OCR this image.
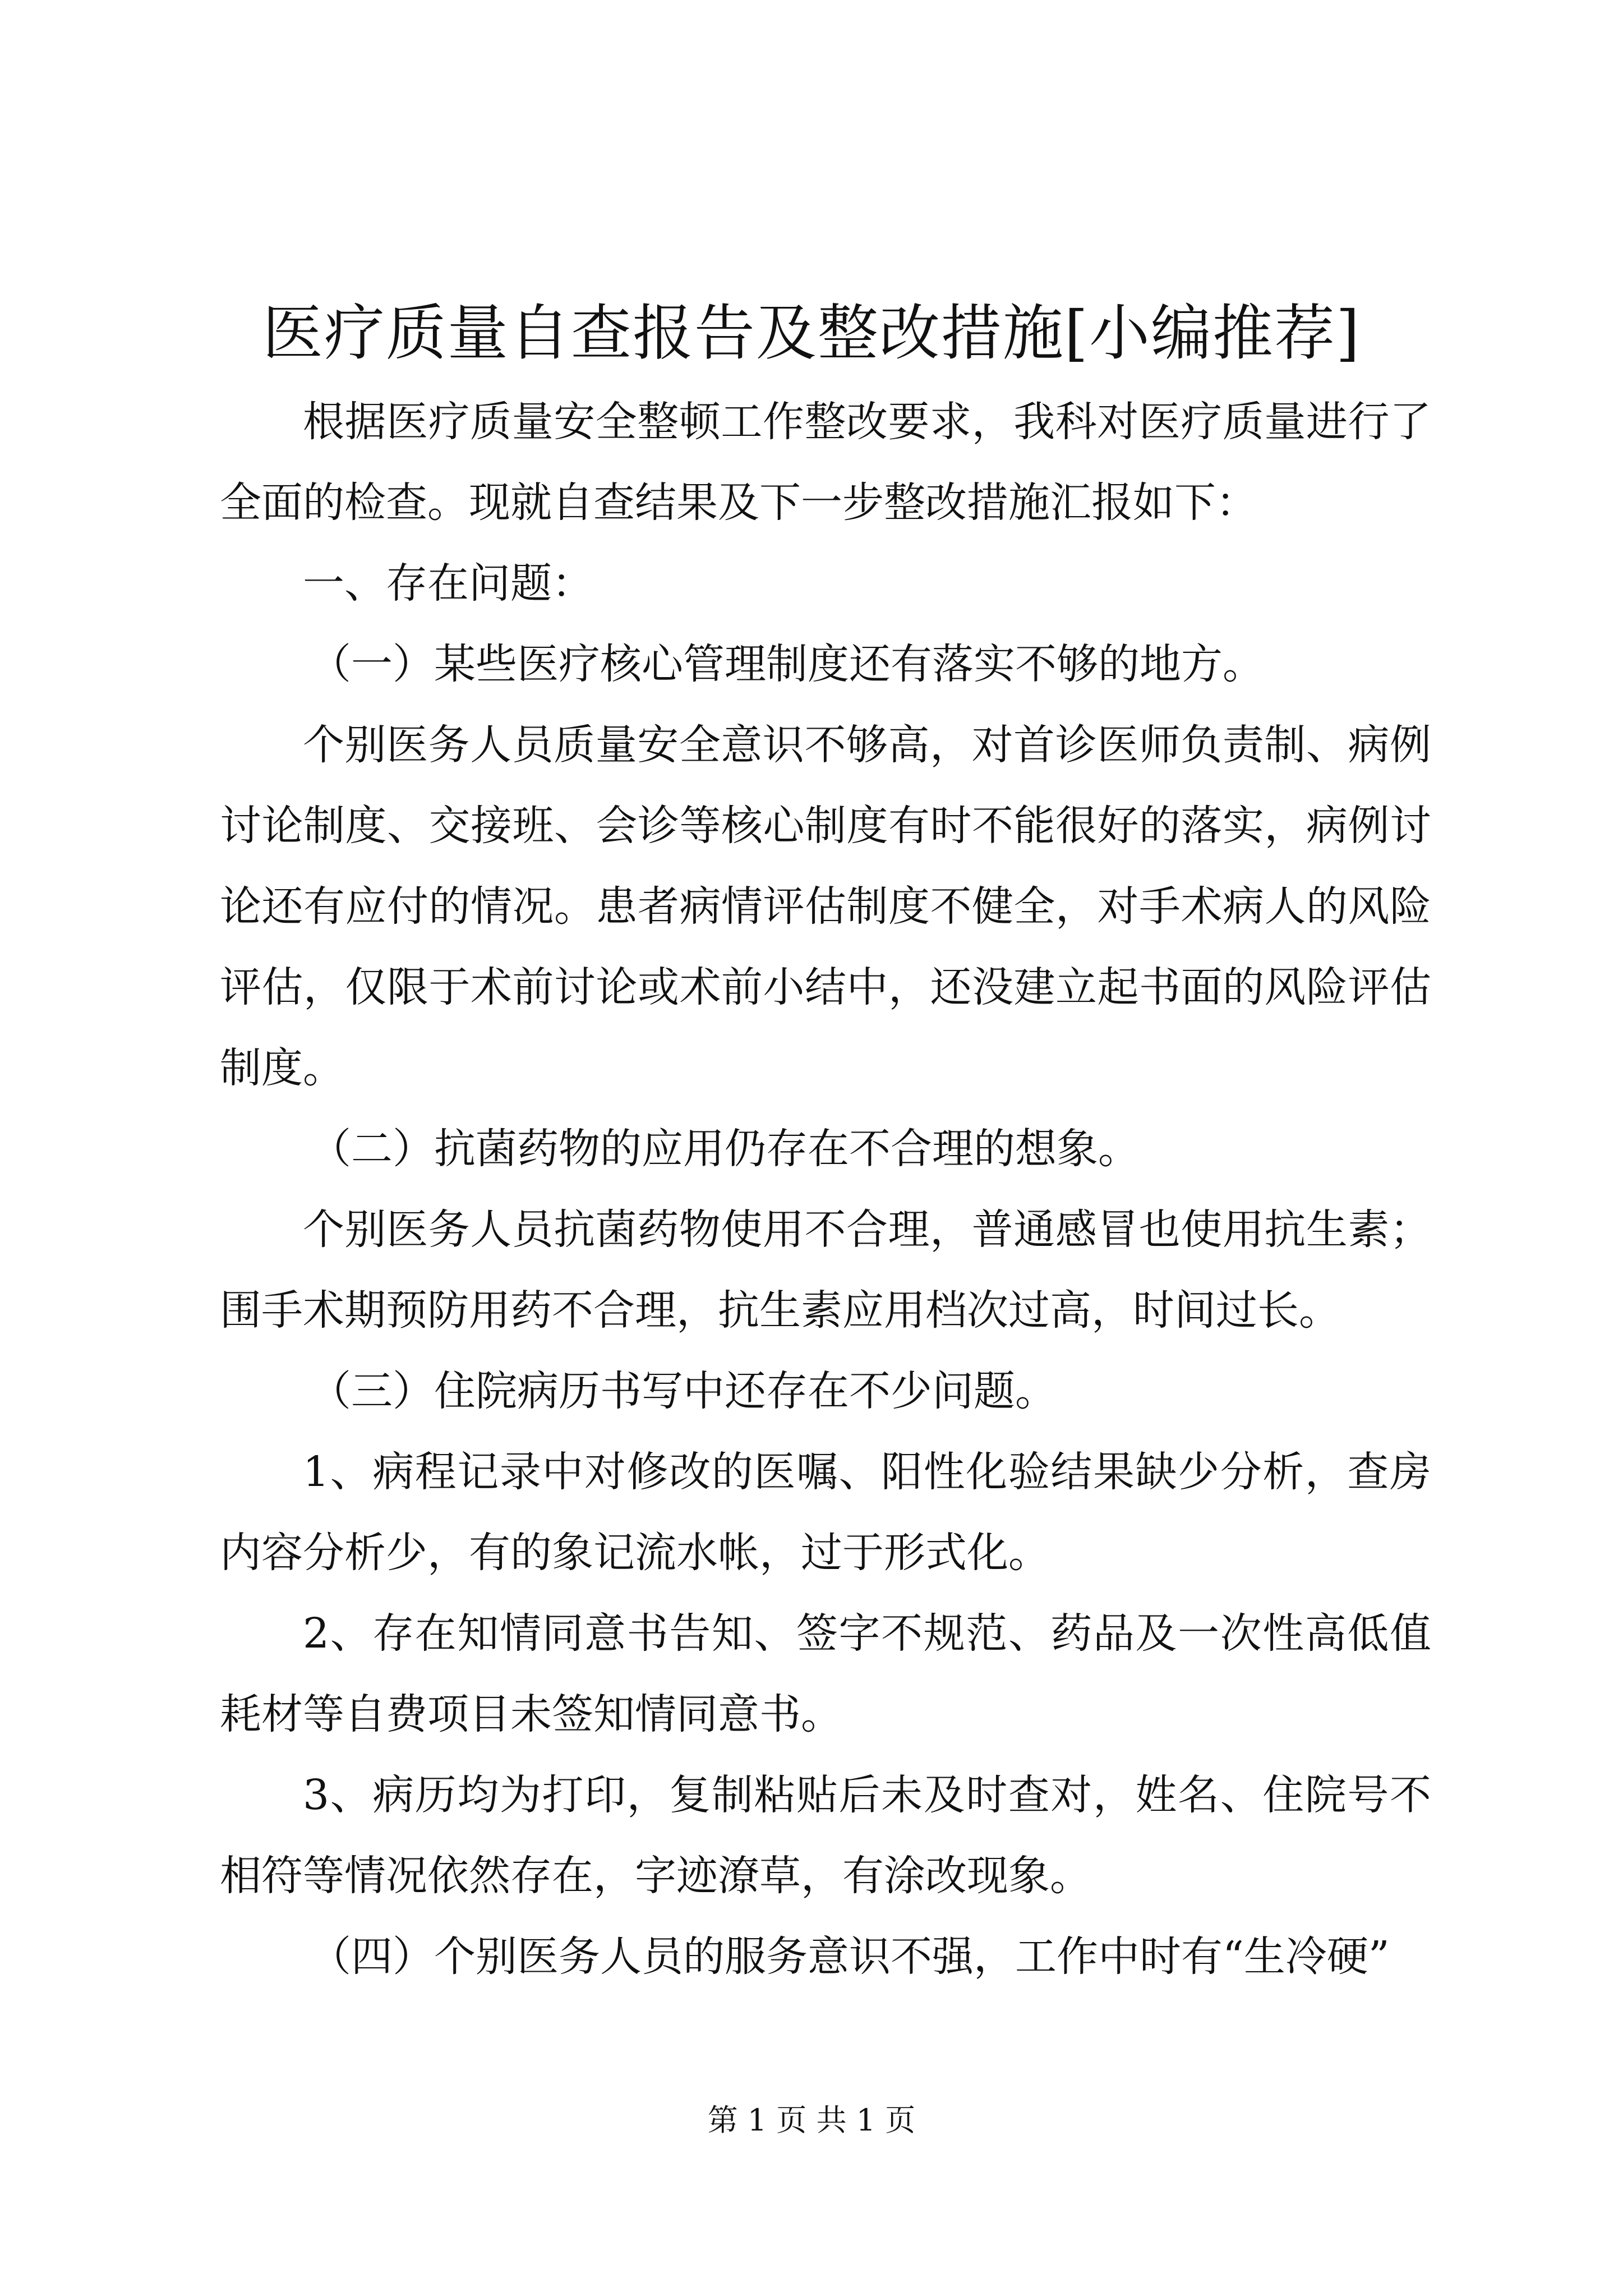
医疗质量自查报告及整改措施[小编推荐]

根据医疗质量安全整顿工作整改要求，我科对医疗质量进行了全面的检查。现就自查结果及下一步整改措施汇报如下：

一、存在问题：

（一）某些医疗核心管理制度还有落实不够的地方。

个别医务人员质量安全意识不够高，对首诊医师负责制、病例讨论制度、交接班、会诊等核心制度有时不能很好的落实，病例讨论还有应付的情况。患者病情评估制度不健全，对手术病人的风险评估，仅限于术前讨论或术前小结中，还没建立起书面的风险评估制度。

（二）抗菌药物的应用仍存在不合理的想象。

个别医务人员抗菌药物使用不合理，普通感冒也使用抗生素；围手术期预防用药不合理，抗生素应用档次过高，时间过长。

（三）住院病历书写中还存在不少问题。

1、病程记录中对修改的医嘱、阳性化验结果缺少分析，查房内容分析少，有的象记流水帐，过于形式化。

2、存在知情同意书告知、签字不规范、药品及一次性高低值耗材等自费项目未签知情同意书。

3、病历均为打印，复制粘贴后未及时查对，姓名、住院号不相符等情况依然存在，字迹潦草，有涂改现象。

（四）个别医务人员的服务意识不强，工作中时有“生冷硬”

第 1 页 共 1 页
